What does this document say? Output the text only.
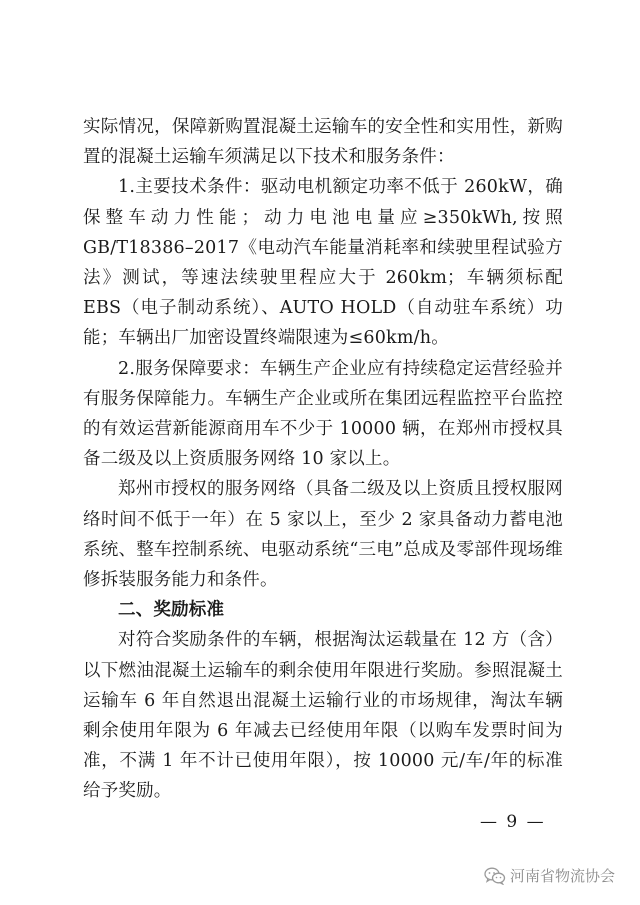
实际情况，保障新购置混凝土运输车的安全性和实用性，新购置的混凝土运输车须满足以下技术和服务条件：

1.主要技术条件：驱动电机额定功率不低于 260kW，确保整车动力性能；动力电池电量应≥350kWh,按照 GB/T18386–2017《电动汽车能量消耗率和续驶里程试验方法》测试，等速法续驶里程应大于 260km；车辆须标配 EBS（电子制动系统）、AUTO HOLD（自动驻车系统）功能；车辆出厂加密设置终端限速为≤60km/h。

2.服务保障要求：车辆生产企业应有持续稳定运营经验并有服务保障能力。车辆生产企业或所在集团远程监控平台监控的有效运营新能源商用车不少于 10000 辆，在郑州市授权具备二级及以上资质服务网络 10 家以上。

郑州市授权的服务网络（具备二级及以上资质且授权服网络时间不低于一年）在 5 家以上，至少 2 家具备动力蓄电池系统、整车控制系统、电驱动系统“三电”总成及零部件现场维修拆装服务能力和条件。

二、奖励标准

对符合奖励条件的车辆，根据淘汰运载量在 12 方（含）以下燃油混凝土运输车的剩余使用年限进行奖励。参照混凝土运输车 6 年自然退出混凝土运输行业的市场规律，淘汰车辆剩余使用年限为 6 年减去已经使用年限（以购车发票时间为准，不满 1 年不计已使用年限），按 10000 元/车/年的标准给予奖励。

— 9 —
河南省物流协会
